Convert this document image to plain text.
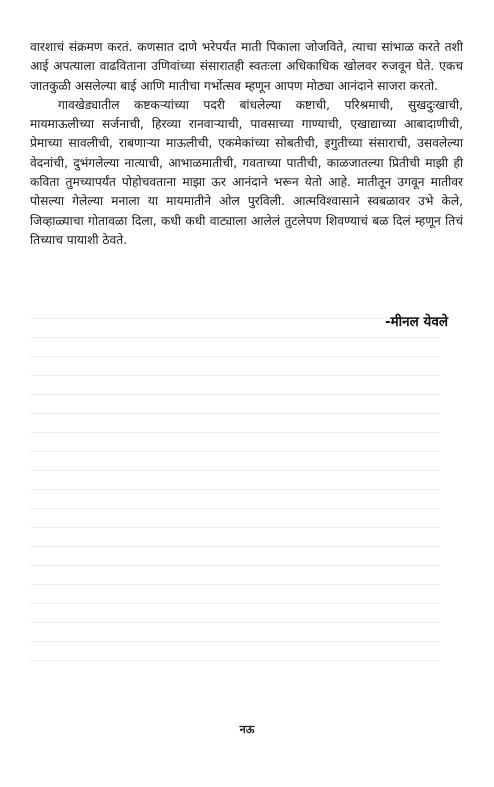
वारशाचं संक्रमण करतं. कणसात दाणे भरेपर्यंत माती पिकाला जोजविते, त्याचा सांभाळ करते तशी आई अपत्याला वाढविताना उणिवांच्या संसारातही स्वतःला अधिकाधिक खोलवर रुजवून घेते. एकच जातकुळी असलेल्या बाई आणि मातीचा गर्भोत्सव म्हणून आपण मोठ्या आनंदाने साजरा करतो.

गावखेड्यातील कष्टकऱ्यांच्या पदरी बांधलेल्या कष्टाची, परिश्रमाची, सुखदुःखाची, मायमाऊलीच्या सर्जनाची, हिरव्या रानवाऱ्याची, पावसाच्या गाण्याची, एखाद्याच्या आबादाणीची, प्रेमाच्या सावलीची, राबणाऱ्या माऊलीची, एकमेकांच्या सोबतीची, इगुतीच्या संसाराची, उसवलेल्या वेदनांची, दुभंगलेल्या नात्याची, आभाळमातीची, गवताच्या पातीची, काळजातल्या प्रितीची माझी ही कविता तुमच्यापर्यंत पोहोचवताना माझा ऊर आनंदाने भरून येतो आहे. मातीतून उगवून मातीवर पोसल्या गेलेल्या मनाला या मायमातीने ओल पुरविली. आत्मविश्वासाने स्वबळावर उभे केले, जिव्हाळ्याचा गोतावळा दिला, कधी कधी वाट्याला आलेलं तुटलेपण शिवण्याचं बळ दिलं म्हणून तिचं तिच्याच पायाशी ठेवते.

-मीनल येवले
नऊ
